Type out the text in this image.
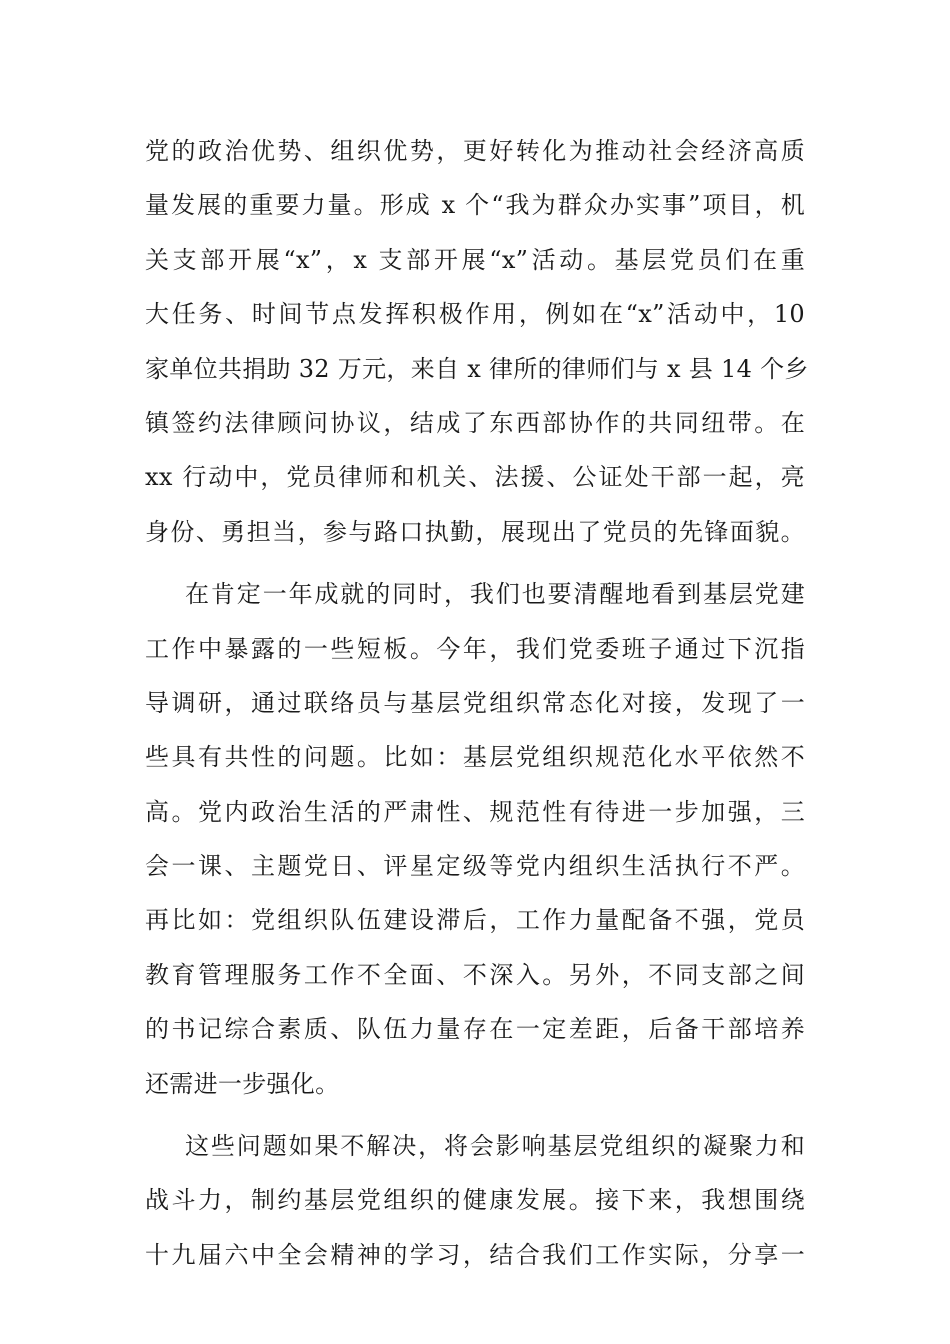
党的政治优势、组织优势，更好转化为推动社会经济高质
量发展的重要力量。形成 x 个“我为群众办实事”项目，机
关支部开展“x”，x 支部开展“x”活动。基层党员们在重
大任务、时间节点发挥积极作用，例如在“x”活动中，10
家单位共捐助 32 万元，来自 x 律所的律师们与 x 县 14 个乡
镇签约法律顾问协议，结成了东西部协作的共同纽带。在
xx 行动中，党员律师和机关、法援、公证处干部一起，亮
身份、勇担当，参与路口执勤，展现出了党员的先锋面貌。
在肯定一年成就的同时，我们也要清醒地看到基层党建
工作中暴露的一些短板。今年，我们党委班子通过下沉指
导调研，通过联络员与基层党组织常态化对接，发现了一
些具有共性的问题。比如：基层党组织规范化水平依然不
高。党内政治生活的严肃性、规范性有待进一步加强，三
会一课、主题党日、评星定级等党内组织生活执行不严。
再比如：党组织队伍建设滞后，工作力量配备不强，党员
教育管理服务工作不全面、不深入。另外，不同支部之间
的书记综合素质、队伍力量存在一定差距，后备干部培养
还需进一步强化。
这些问题如果不解决，将会影响基层党组织的凝聚力和
战斗力，制约基层党组织的健康发展。接下来，我想围绕
十九届六中全会精神的学习，结合我们工作实际，分享一
